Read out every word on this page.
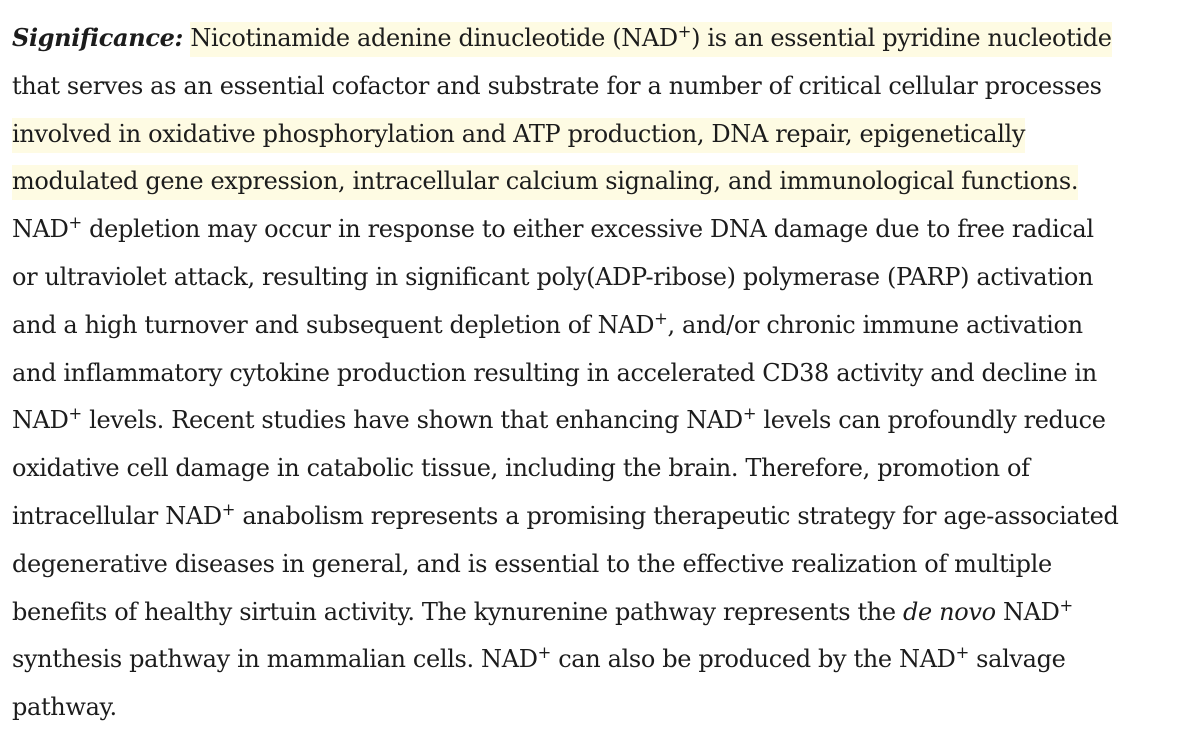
Significance: Nicotinamide adenine dinucleotide (NAD+) is an essential pyridine nucleotide
that serves as an essential cofactor and substrate for a number of critical cellular processes
involved in oxidative phosphorylation and ATP production, DNA repair, epigenetically
modulated gene expression, intracellular calcium signaling, and immunological functions.
NAD+ depletion may occur in response to either excessive DNA damage due to free radical
or ultraviolet attack, resulting in significant poly(ADP-ribose) polymerase (PARP) activation
and a high turnover and subsequent depletion of NAD+, and/or chronic immune activation
and inflammatory cytokine production resulting in accelerated CD38 activity and decline in
NAD+ levels. Recent studies have shown that enhancing NAD+ levels can profoundly reduce
oxidative cell damage in catabolic tissue, including the brain. Therefore, promotion of
intracellular NAD+ anabolism represents a promising therapeutic strategy for age-associated
degenerative diseases in general, and is essential to the effective realization of multiple
benefits of healthy sirtuin activity. The kynurenine pathway represents the de novo NAD+
synthesis pathway in mammalian cells. NAD+ can also be produced by the NAD+ salvage
pathway.
